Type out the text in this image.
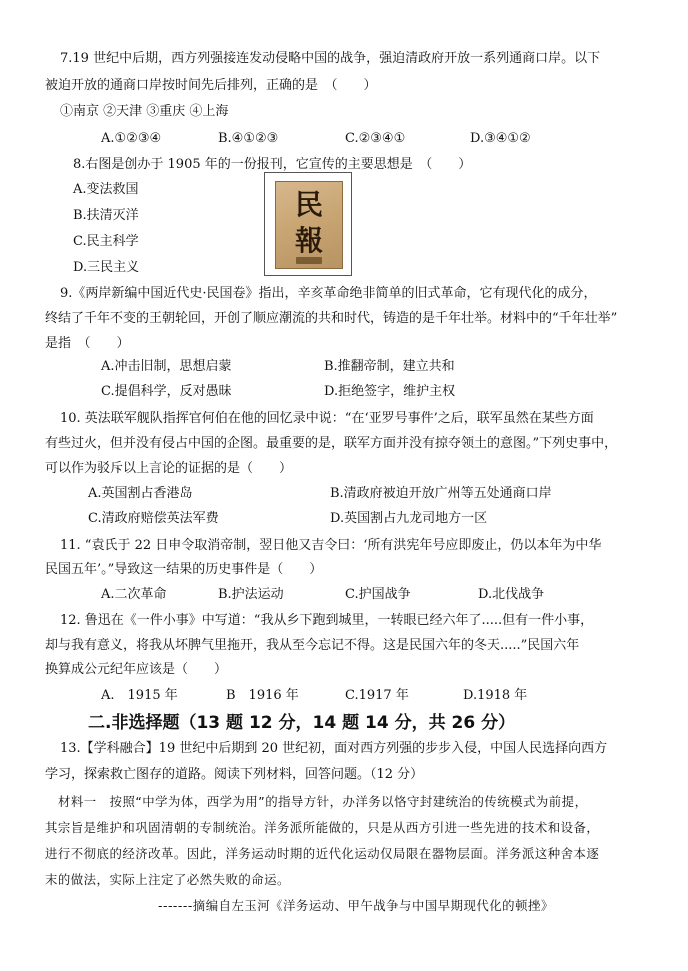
7.19 世纪中后期，西方列强接连发动侵略中国的战争，强迫清政府开放一系列通商口岸。以下
被迫开放的通商口岸按时间先后排列，正确的是　（　　）
①南京 ②天津 ③重庆 ④上海
A.①②③④	B.④①②③	C.②③④①	D.③④①②
8.右图是创办于 1905 年的一份报刊，它宣传的主要思想是　（　　）
A.变法救国
B.扶清灭洋
C.民主科学
D.三民主义
民
報
9.《两岸新编中国近代史·民国卷》指出，辛亥革命绝非简单的旧式革命，它有现代化的成分，
终结了千年不变的王朝轮回，开创了顺应潮流的共和时代，铸造的是千年壮举。材料中的“千年壮举”
是指　（　　）
A.冲击旧制，思想启蒙	B.推翻帝制，建立共和
C.提倡科学，反对愚昧	D.拒绝签字，维护主权
10. 英法联军舰队指挥官何伯在他的回忆录中说：“在‘亚罗号事件’之后，联军虽然在某些方面
有些过火，但并没有侵占中国的企图。最重要的是，联军方面并没有掠夺领土的意图。”下列史事中，
可以作为驳斥以上言论的证据的是（　　）
A.英国割占香港岛	B.清政府被迫开放广州等五处通商口岸
C.清政府赔偿英法军费	D.英国割占九龙司地方一区
11. “袁氏于 22 日申令取消帝制，翌日他又吉令曰：‘所有洪宪年号应即废止，仍以本年为中华
民国五年’。”导致这一结果的历史事件是（　　）
A.二次革命	B.护法运动	C.护国战争	D.北伐战争
12. 鲁迅在《一件小事》中写道：“我从乡下跑到城里，一转眼已经六年了.....但有一件小事，
却与我有意义，将我从坏脾气里拖开，我从至今忘记不得。这是民国六年的冬天.....”民国六年
换算成公元纪年应该是（　　）
A.　1915 年	B　1916 年	C.1917 年	D.1918 年
二.非选择题（13 题 12 分，14 题 14 分，共 26 分）
13.【学科融合】19 世纪中后期到 20 世纪初，面对西方列强的步步入侵，中国人民选择向西方
学习，探索救亡图存的道路。阅读下列材料，回答问题。（12 分）
材料一　按照“中学为体，西学为用”的指导方针，办洋务以恪守封建统治的传统模式为前提，
其宗旨是维护和巩固清朝的专制统治。洋务派所能做的，只是从西方引进一些先进的技术和设备，
进行不彻底的经济改革。因此，洋务运动时期的近代化运动仅局限在器物层面。洋务派这种舍本逐
末的做法，实际上注定了必然失败的命运。
-------摘编自左玉河《洋务运动、甲午战争与中国早期现代化的顿挫》
